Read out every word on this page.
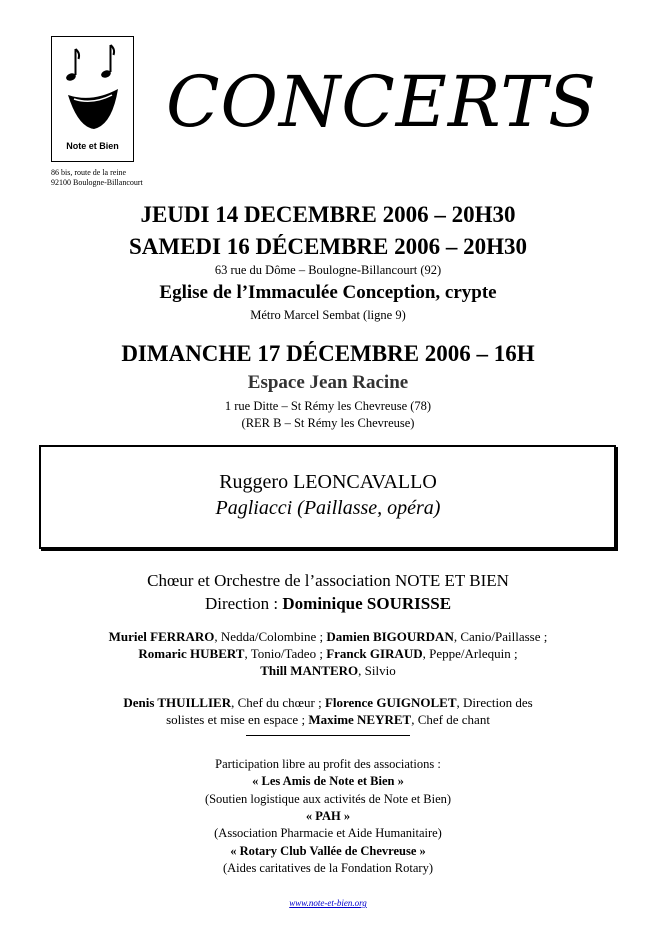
Note et Bien
86 bis, route de la reine
92100 Boulogne-Billancourt
CONCERTS
JEUDI 14 DECEMBRE 2006 – 20H30
SAMEDI 16 DÉCEMBRE 2006 – 20H30
63 rue du Dôme – Boulogne-Billancourt (92)
Eglise de l’Immaculée Conception, crypte
Métro Marcel Sembat (ligne 9)
DIMANCHE 17 DÉCEMBRE 2006 – 16H
Espace Jean Racine
1 rue Ditte – St Rémy les Chevreuse (78)
(RER B – St Rémy les Chevreuse)
Ruggero LEONCAVALLO
Pagliacci (Paillasse, opéra)
Chœur et Orchestre de l’association NOTE ET BIEN
Direction : Dominique SOURISSE
Muriel FERRARO, Nedda/Colombine ; Damien BIGOURDAN, Canio/Paillasse ;
Romaric HUBERT, Tonio/Tadeo ; Franck GIRAUD, Peppe/Arlequin ;
Thill MANTERO, Silvio
Denis THUILLIER, Chef du chœur ; Florence GUIGNOLET, Direction des
solistes et mise en espace ; Maxime NEYRET, Chef de chant
Participation libre au profit des associations :
« Les Amis de Note et Bien »
(Soutien logistique aux activités de Note et Bien)
« PAH »
(Association Pharmacie et Aide Humanitaire)
« Rotary Club Vallée de Chevreuse »
(Aides caritatives de la Fondation Rotary)
www.note-et-bien.org
